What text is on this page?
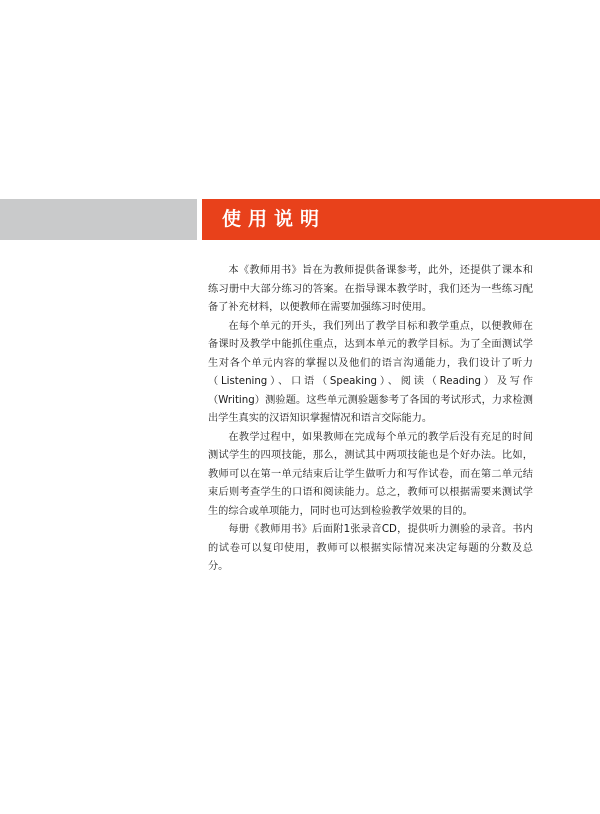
使用说明

本《教师用书》旨在为教师提供备课参考，此外，还提供了课本和练习册中大部分练习的答案。在指导课本教学时，我们还为一些练习配备了补充材料，以便教师在需要加强练习时使用。

在每个单元的开头，我们列出了教学目标和教学重点，以便教师在备课时及教学中能抓住重点，达到本单元的教学目标。为了全面测试学生对各个单元内容的掌握以及他们的语言沟通能力，我们设计了听力（Listening）、口语（Speaking）、阅读（Reading）及写作（Writing）测验题。这些单元测验题参考了各国的考试形式，力求检测出学生真实的汉语知识掌握情况和语言交际能力。

在教学过程中，如果教师在完成每个单元的教学后没有充足的时间测试学生的四项技能，那么，测试其中两项技能也是个好办法。比如，教师可以在第一单元结束后让学生做听力和写作试卷，而在第二单元结束后则考查学生的口语和阅读能力。总之，教师可以根据需要来测试学生的综合或单项能力，同时也可达到检验教学效果的目的。

每册《教师用书》后面附1张录音CD，提供听力测验的录音。书内的试卷可以复印使用，教师可以根据实际情况来决定每题的分数及总分。
